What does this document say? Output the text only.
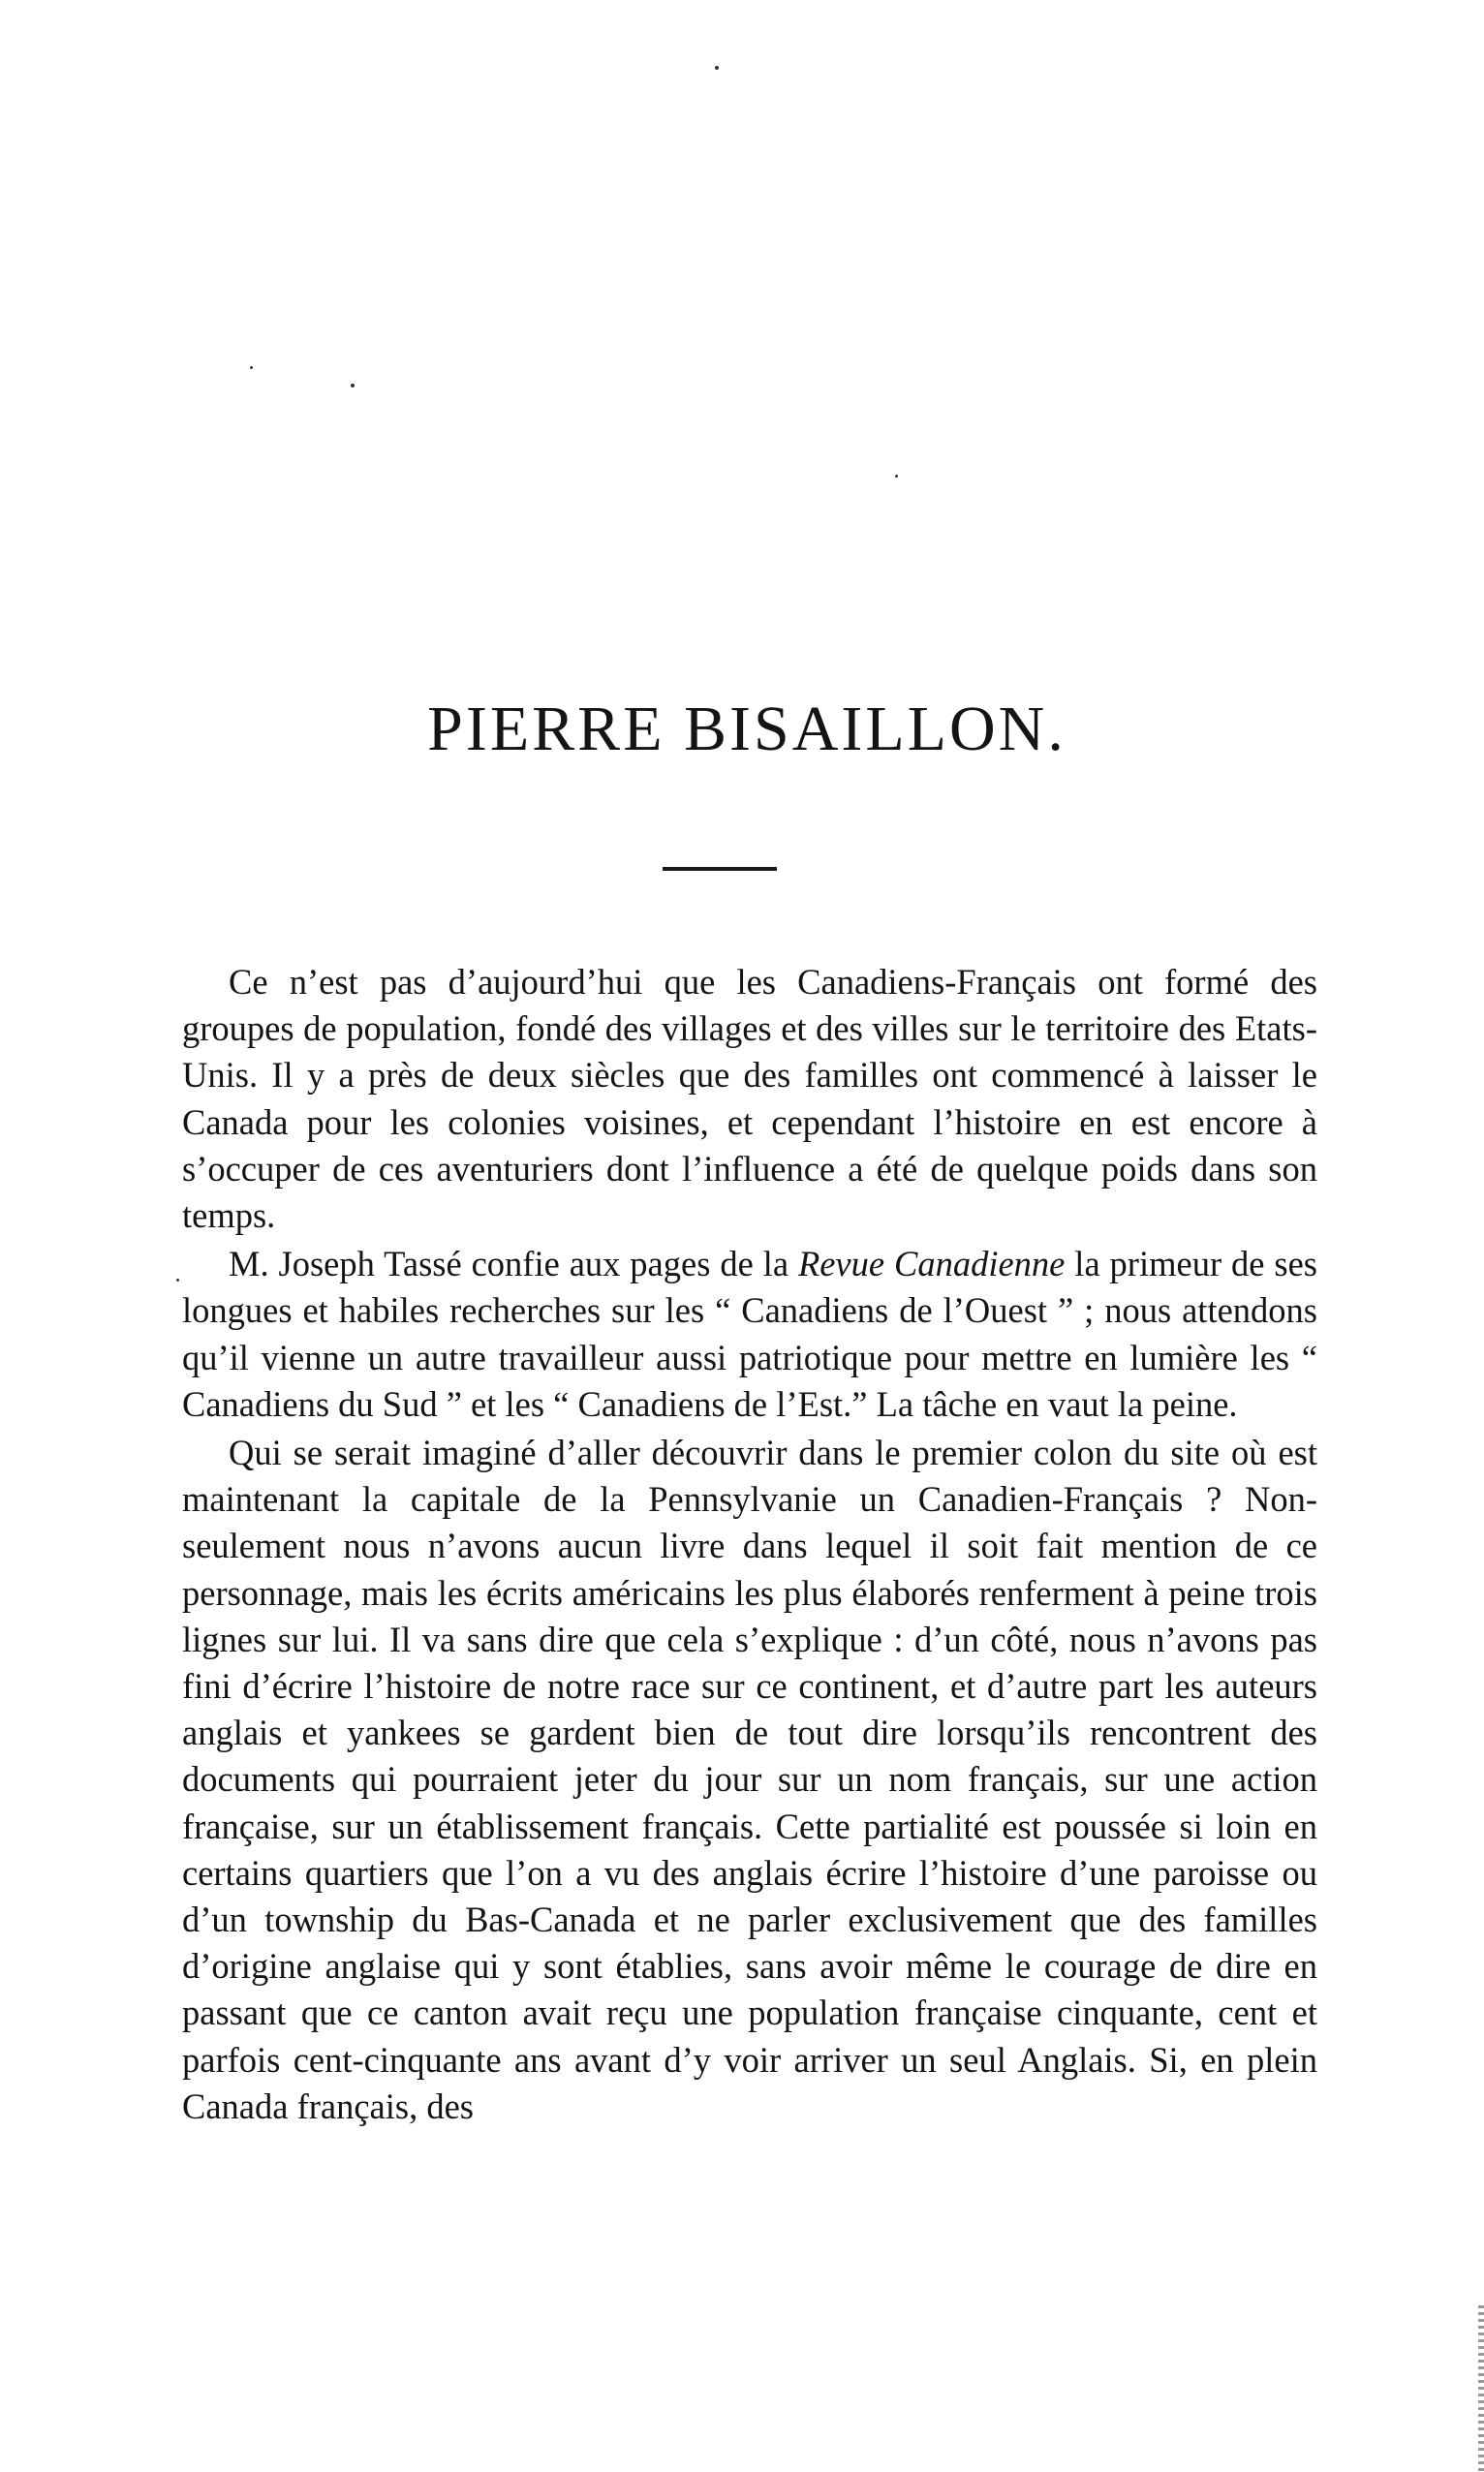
PIERRE BISAILLON.

Ce n’est pas d’aujourd’hui que les Canadiens-Français ont formé des groupes de population, fondé des villages et des villes sur le territoire des Etats-Unis. Il y a près de deux siècles que des familles ont commencé à laisser le Canada pour les colonies voisines, et cependant l’histoire en est encore à s’occuper de ces aventuriers dont l’influence a été de quelque poids dans son temps.

M. Joseph Tassé confie aux pages de la Revue Canadienne la primeur de ses longues et habiles recherches sur les “ Canadiens de l’Ouest ” ; nous attendons qu’il vienne un autre travailleur aussi patriotique pour mettre en lumière les “ Canadiens du Sud ” et les “ Canadiens de l’Est.” La tâche en vaut la peine.

Qui se serait imaginé d’aller découvrir dans le premier colon du site où est maintenant la capitale de la Pennsylvanie un Canadien-Français ? Non-seulement nous n’avons aucun livre dans lequel il soit fait mention de ce personnage, mais les écrits américains les plus élaborés renferment à peine trois lignes sur lui. Il va sans dire que cela s’explique : d’un côté, nous n’avons pas fini d’écrire l’histoire de notre race sur ce continent, et d’autre part les auteurs anglais et yankees se gardent bien de tout dire lorsqu’ils rencontrent des documents qui pourraient jeter du jour sur un nom français, sur une action française, sur un établissement français. Cette partialité est poussée si loin en certains quartiers que l’on a vu des anglais écrire l’histoire d’une paroisse ou d’un township du Bas-Canada et ne parler exclusivement que des familles d’origine anglaise qui y sont établies, sans avoir même le courage de dire en passant que ce canton avait reçu une population française cinquante, cent et parfois cent-cinquante ans avant d’y voir arriver un seul Anglais. Si, en plein Canada français, des
